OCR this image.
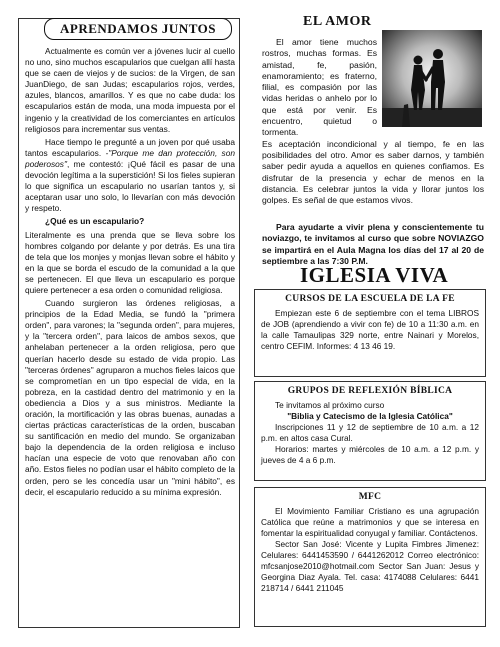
APRENDAMOS JUNTOS

Actualmente es común ver a jóvenes lucir al cuello no uno, sino muchos escapularios que cuelgan allí hasta que se caen de viejos y de sucios: de la Virgen, de san JuanDiego, de san Judas; escapularios rojos, verdes, azules, blancos, amarillos. Y es que no cabe duda: los escapularios están de moda, una moda impuesta por el ingenio y la creatividad de los comerciantes en artículos religiosos para incrementar sus ventas.

Hace tiempo le pregunté a un joven por qué usaba tantos escapularios. -"Porque me dan protección, son poderosos", me contestó: ¡Qué fácil es pasar de una devoción legítima a la superstición! Si los fieles supieran lo que significa un escapulario no usarían tantos y, si aceptaran usar uno solo, lo llevarían con más devoción y respeto.

¿Qué es un escapulario?

Literalmente es una prenda que se lleva sobre los hombres colgando por delante y por detrás. Es una tira de tela que los monjes y monjas llevan sobre el hábito y en la que se borda el escudo de la comunidad a la que se pertenecen. El que lleva un escapulario es porque quiere pertenecer a esa orden o comunidad religiosa.

Cuando surgieron las órdenes religiosas, a principios de la Edad Media, se fundó la "primera orden", para varones; la "segunda orden", para mujeres, y la "tercera orden", para laicos de ambos sexos, que anhelaban pertenecer a la orden religiosa, pero que querían hacerlo desde su estado de vida propio. Las "terceras órdenes" agruparon a muchos fieles laicos que se comprometían en un tipo especial de vida, en la pobreza, en la castidad dentro del matrimonio y en la obediencia a Dios y a sus ministros. Mediante la oración, la mortificación y las obras buenas, aunadas a ciertas prácticas características de la orden, buscaban su santificación en medio del mundo. Se organizaban bajo la dependencia de la orden religiosa e incluso hacían una especie de voto que renovaban año con año. Estos fieles no podían usar el hábito completo de la orden, pero se les concedía usar un "mini hábito", es decir, el escapulario reducido a su mínima expresión.

EL AMOR

El amor tiene muchos rostros, muchas formas. Es amistad, fe, pasión, enamoramiento; es fraterno, filial, es compasión por las vidas heridas o anhelo por lo que está por venir. Es encuentro, quietud o tormenta.

Es aceptación incondicional y al tiempo, fe en las posibilidades del otro. Amor es saber darnos, y también saber pedir ayuda a aquellos en quienes confiamos. Es disfrutar de la presencia y echar de menos en la distancia. Es celebrar juntos la vida y llorar juntos los golpes. Es señal de que estamos vivos.

Para ayudarte a vivir plena y conscientemente tu noviazgo, te invitamos al curso que sobre NOVIAZGO se impartirá en el Aula Magna los días del 17 al 20 de septiembre a las 7:30 P.M.
IGLESIA VIVA
CURSOS DE LA ESCUELA DE LA FE

Empiezan este 6 de septiembre con el tema LIBROS de JOB (aprendiendo a vivir con fe) de 10 a 11:30 a.m. en la calle Tamaulipas 329 norte, entre Nainari y Morelos, centro CEFIM. Informes: 4 13 46 19.

GRUPOS DE REFLEXIÓN BÍBLICA

Te invitamos al próximo curso

"Biblia y Catecismo de la Iglesia Católica"

Inscripciones 11 y 12 de septiembre de 10 a.m. a 12 p.m. en altos casa Cural.

Horarios: martes y miércoles de 10 a.m. a 12 p.m. y jueves de 4 a 6 p.m.

MFC

El Movimiento Familiar Cristiano es una agrupación Católica que reúne a matrimonios y que se interesa en fomentar la espiritualidad conyugal y familiar. Contáctenos.

Sector San José: Vicente y Lupita Fimbres Jimenez: Celulares: 6441453590 / 6441262012 Correo electrónico: mfcsanjose2010@hotmail.com Sector San Juan: Jesus y Georgina Diaz Ayala. Tel. casa: 4174088 Celulares: 6441 218714 / 6441 211045
